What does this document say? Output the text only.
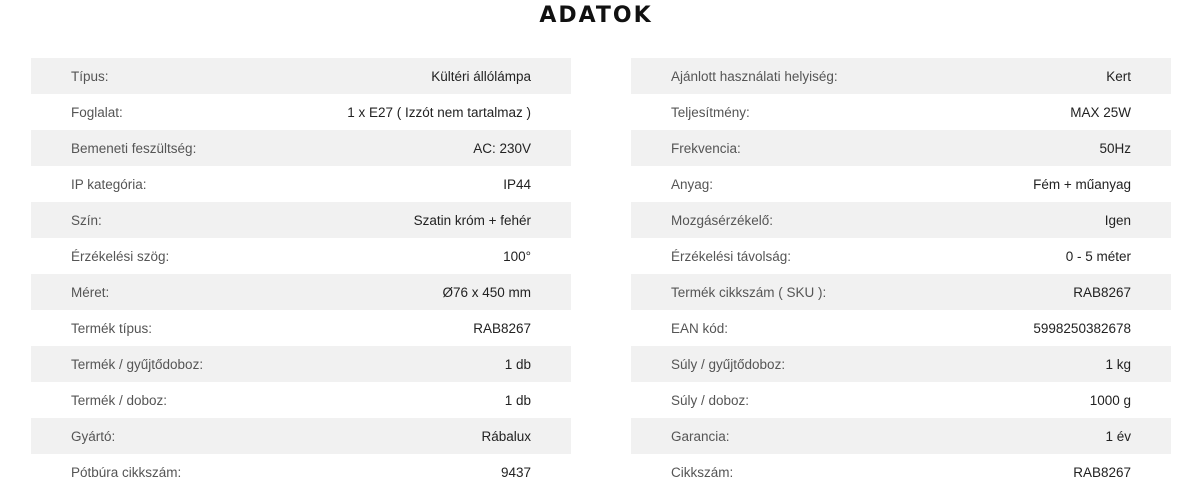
ADATOK
Típus:	Kültéri állólámpa
Foglalat:	1 x E27 ( Izzót nem tartalmaz )
Bemeneti feszültség:	AC: 230V
IP kategória:	IP44
Szín:	Szatin króm + fehér
Érzékelési szög:	100°
Méret:	Ø76 x 450 mm
Termék típus:	RAB8267
Termék / gyűjtődoboz:	1 db
Termék / doboz:	1 db
Gyártó:	Rábalux
Pótbúra cikkszám:	9437
Ajánlott használati helyiség:	Kert
Teljesítmény:	MAX 25W
Frekvencia:	50Hz
Anyag:	Fém + műanyag
Mozgásérzékelő:	Igen
Érzékelési távolság:	0 - 5 méter
Termék cikkszám ( SKU ):	RAB8267
EAN kód:	5998250382678
Súly / gyűjtődoboz:	1 kg
Súly / doboz:	1000 g
Garancia:	1 év
Cikkszám:	RAB8267
